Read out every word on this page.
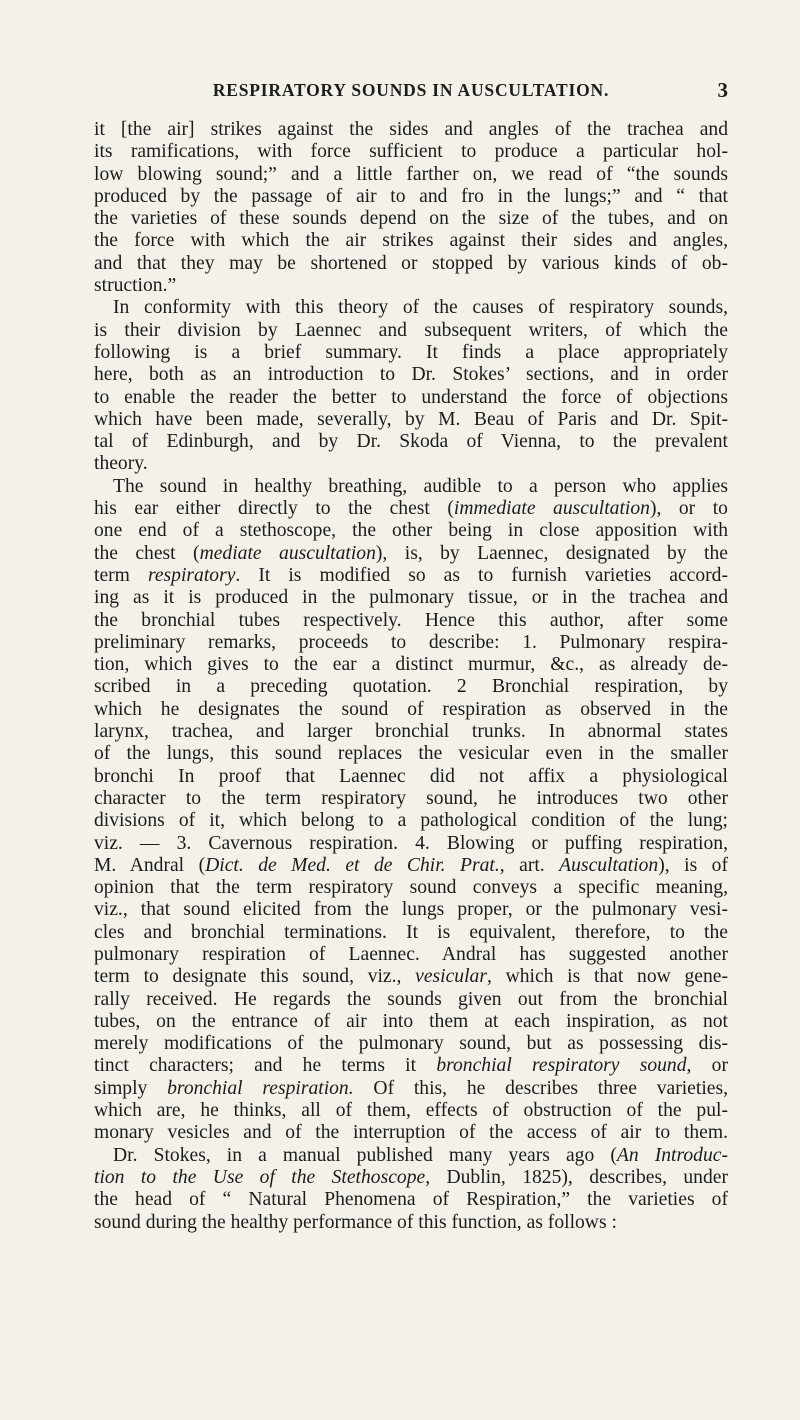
RESPIRATORY SOUNDS IN AUSCULTATION.	3
it [the air] strikes against the sides and angles of the trachea and
its ramifications, with force sufficient to produce a particular hol-
low blowing sound;” and a little farther on, we read of “the sounds
produced by the passage of air to and fro in the lungs;” and “ that
the varieties of these sounds depend on the size of the tubes, and on
the force with which the air strikes against their sides and angles,
and that they may be shortened or stopped by various kinds of ob-
struction.”
In conformity with this theory of the causes of respiratory sounds,
is their division by Laennec and subsequent writers, of which the
following is a brief summary. It finds a place appropriately
here, both as an introduction to Dr. Stokes’ sections, and in order
to enable the reader the better to understand the force of objections
which have been made, severally, by M. Beau of Paris and Dr. Spit-
tal of Edinburgh, and by Dr. Skoda of Vienna, to the prevalent
theory.
The sound in healthy breathing, audible to a person who applies
his ear either directly to the chest (immediate auscultation), or to
one end of a stethoscope, the other being in close apposition with
the chest (mediate auscultation), is, by Laennec, designated by the
term respiratory. It is modified so as to furnish varieties accord-
ing as it is produced in the pulmonary tissue, or in the trachea and
the bronchial tubes respectively. Hence this author, after some
preliminary remarks, proceeds to describe: 1. Pulmonary respira-
tion, which gives to the ear a distinct murmur, &c., as already de-
scribed in a preceding quotation. 2 Bronchial respiration, by
which he designates the sound of respiration as observed in the
larynx, trachea, and larger bronchial trunks. In abnormal states
of the lungs, this sound replaces the vesicular even in the smaller
bronchi In proof that Laennec did not affix a physiological
character to the term respiratory sound, he introduces two other
divisions of it, which belong to a pathological condition of the lung;
viz. — 3. Cavernous respiration. 4. Blowing or puffing respiration,
M. Andral (Dict. de Med. et de Chir. Prat., art. Auscultation), is of
opinion that the term respiratory sound conveys a specific meaning,
viz., that sound elicited from the lungs proper, or the pulmonary vesi-
cles and bronchial terminations. It is equivalent, therefore, to the
pulmonary respiration of Laennec. Andral has suggested another
term to designate this sound, viz., vesicular, which is that now gene-
rally received. He regards the sounds given out from the bronchial
tubes, on the entrance of air into them at each inspiration, as not
merely modifications of the pulmonary sound, but as possessing dis-
tinct characters; and he terms it bronchial respiratory sound, or
simply bronchial respiration. Of this, he describes three varieties,
which are, he thinks, all of them, effects of obstruction of the pul-
monary vesicles and of the interruption of the access of air to them.
Dr. Stokes, in a manual published many years ago (An Introduc-
tion to the Use of the Stethoscope, Dublin, 1825), describes, under
the head of “ Natural Phenomena of Respiration,” the varieties of
sound during the healthy performance of this function, as follows :
